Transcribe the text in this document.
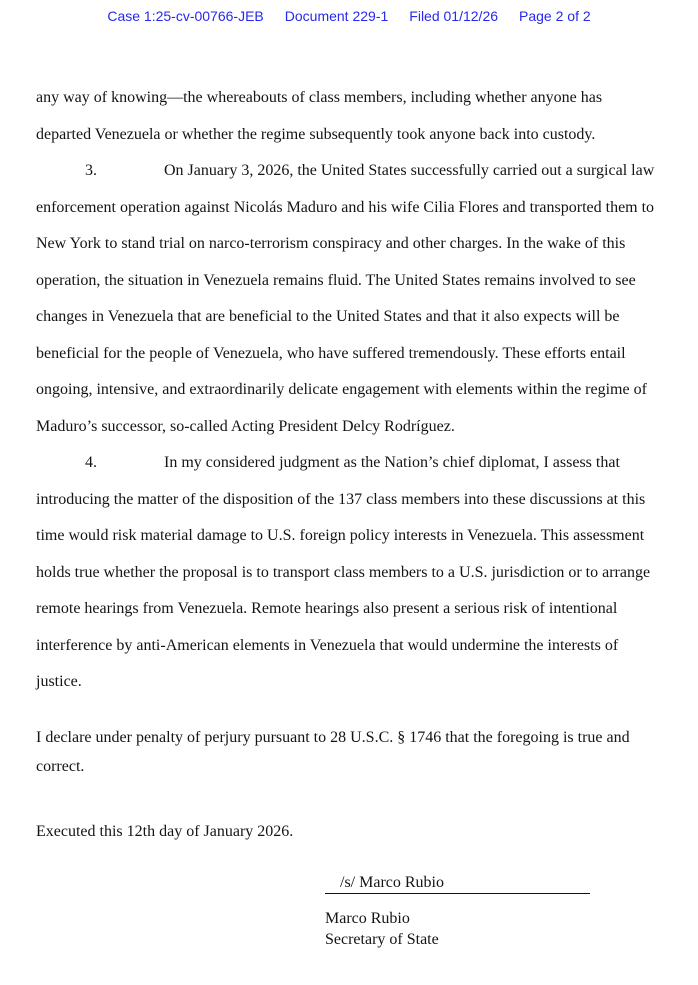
Case 1:25-cv-00766-JEB Document 229-1 Filed 01/12/26 Page 2 of 2
any way of knowing—the whereabouts of class members, including whether anyone has
departed Venezuela or whether the regime subsequently took anyone back into custody.
3.	On January 3, 2026, the United States successfully carried out a surgical law
enforcement operation against Nicolás Maduro and his wife Cilia Flores and transported them to
New York to stand trial on narco-terrorism conspiracy and other charges. In the wake of this
operation, the situation in Venezuela remains fluid. The United States remains involved to see
changes in Venezuela that are beneficial to the United States and that it also expects will be
beneficial for the people of Venezuela, who have suffered tremendously. These efforts entail
ongoing, intensive, and extraordinarily delicate engagement with elements within the regime of
Maduro’s successor, so-called Acting President Delcy Rodríguez.
4.	In my considered judgment as the Nation’s chief diplomat, I assess that
introducing the matter of the disposition of the 137 class members into these discussions at this
time would risk material damage to U.S. foreign policy interests in Venezuela. This assessment
holds true whether the proposal is to transport class members to a U.S. jurisdiction or to arrange
remote hearings from Venezuela. Remote hearings also present a serious risk of intentional
interference by anti-American elements in Venezuela that would undermine the interests of
justice.
I declare under penalty of perjury pursuant to 28 U.S.C. § 1746 that the foregoing is true and
correct.
Executed this 12th day of January 2026.
/s/ Marco Rubio
Marco Rubio
Secretary of State
